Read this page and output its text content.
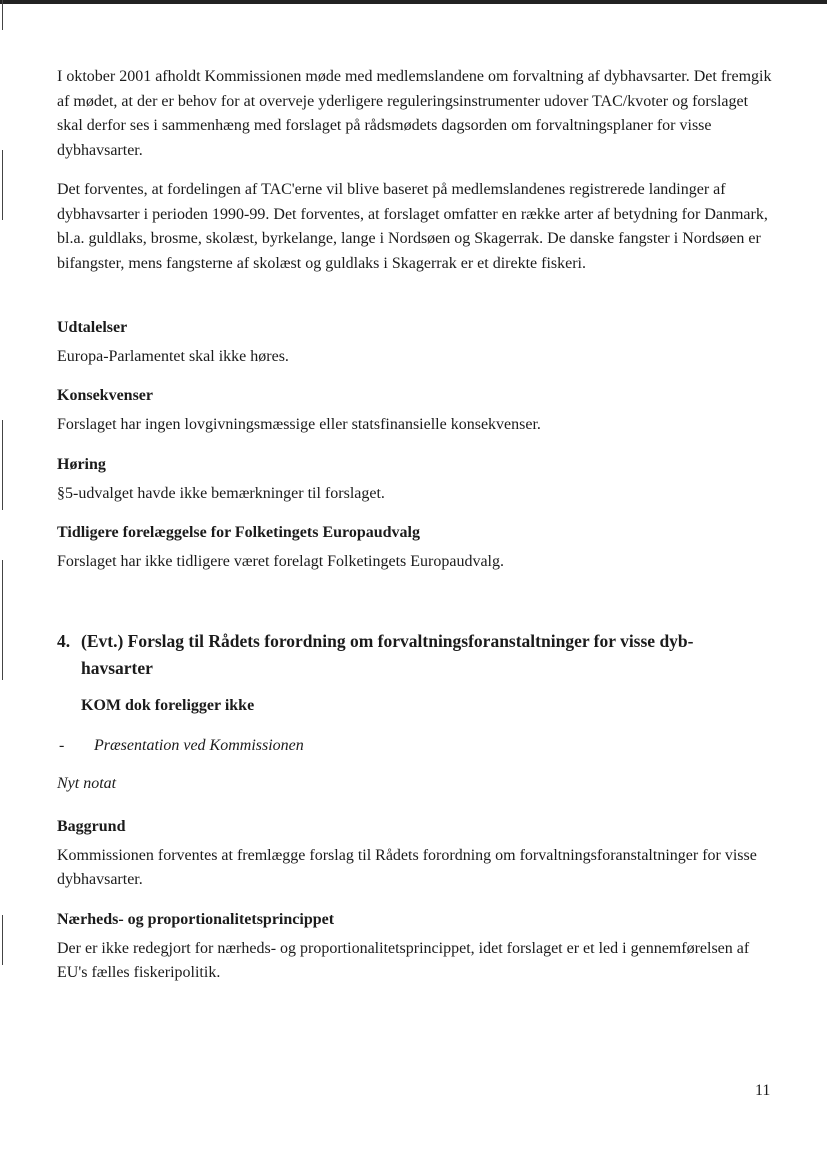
I oktober 2001 afholdt Kommissionen møde med medlemslandene om forvaltning af dybhavsarter. Det fremgik af mødet, at der er behov for at overveje yderligere reguleringsinstrumenter udover TAC/kvoter og forslaget skal derfor ses i sammenhæng med forslaget på rådsmødets dagsorden om forvaltningsplaner for visse dybhavsarter.

Det forventes, at fordelingen af TAC'erne vil blive baseret på medlemslandenes registrerede landinger af dybhavsarter i perioden 1990-99. Det forventes, at forslaget omfatter en række arter af betydning for Danmark, bl.a. guldlaks, brosme, skolæst, byrkelange, lange i Nordsøen og Skagerrak. De danske fangster i Nordsøen er bifangster, mens fangsterne af skolæst og guldlaks i Skagerrak er et direkte fiskeri.

Udtalelser

Europa-Parlamentet skal ikke høres.

Konsekvenser

Forslaget har ingen lovgivningsmæssige eller statsfinansielle konsekvenser.

Høring

§5-udvalget havde ikke bemærkninger til forslaget.

Tidligere forelæggelse for Folketingets Europaudvalg

Forslaget har ikke tidligere været forelagt Folketingets Europaudvalg.

4. (Evt.) Forslag til Rådets forordning om forvaltningsforanstaltninger for visse dyb-
havsarter
KOM dok foreligger ikke
- Præsentation ved Kommissionen
Nyt notat

Baggrund

Kommissionen forventes at fremlægge forslag til Rådets forordning om forvaltningsforanstaltninger for visse dybhavsarter.

Nærheds- og proportionalitetsprincippet

Der er ikke redegjort for nærheds- og proportionalitetsprincippet, idet forslaget er et led i gennemførelsen af EU's fælles fiskeripolitik.

11
